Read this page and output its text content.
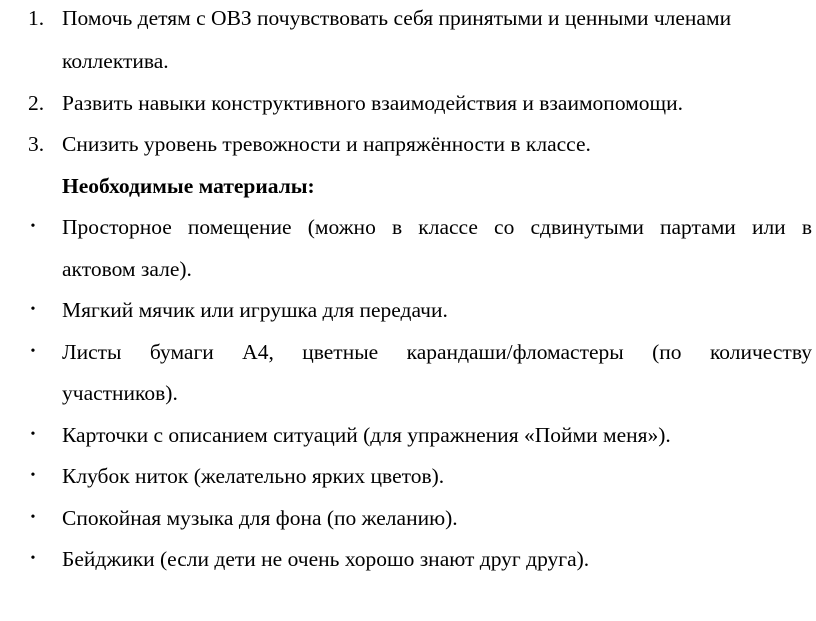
1. Помочь детям с ОВЗ почувствовать себя принятыми и ценными членами
коллектива.
2. Развить навыки конструктивного взаимодействия и взаимопомощи.
3. Снизить уровень тревожности и напряжённости в классе.
Необходимые материалы:
• Просторное помещение (можно в классе со сдвинутыми партами или в
актовом зале).
• Мягкий мячик или игрушка для передачи.
• Листы бумаги А4, цветные карандаши/фломастеры (по количеству
участников).
• Карточки с описанием ситуаций (для упражнения «Пойми меня»).
• Клубок ниток (желательно ярких цветов).
• Спокойная музыка для фона (по желанию).
• Бейджики (если дети не очень хорошо знают друг друга).
